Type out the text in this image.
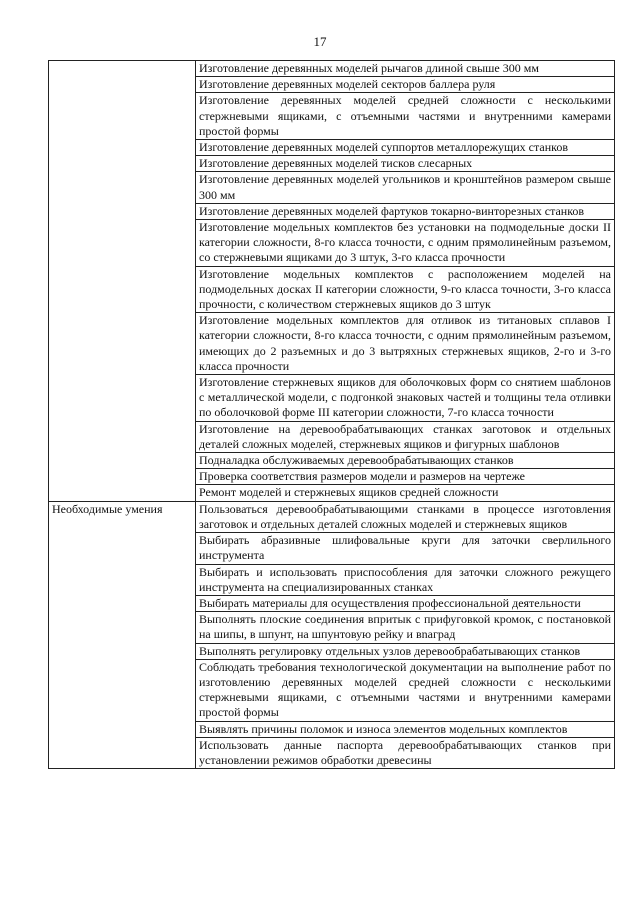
17
	Изготовление деревянных моделей рычагов длиной свыше 300 мм
	Изготовление деревянных моделей секторов баллера руля
	Изготовление деревянных моделей средней сложности с несколькими стержневыми ящиками, с отъемными частями и внутренними камерами простой формы
	Изготовление деревянных моделей суппортов металлорежущих станков
	Изготовление деревянных моделей тисков слесарных
	Изготовление деревянных моделей угольников и кронштейнов размером свыше 300 мм
	Изготовление деревянных моделей фартуков токарно-винторезных станков
	Изготовление модельных комплектов без установки на подмодельные доски II категории сложности, 8-го класса точности, с одним прямолинейным разъемом, со стержневыми ящиками до 3 штук, 3-го класса прочности
	Изготовление модельных комплектов с расположением моделей на подмодельных досках II категории сложности, 9-го класса точности, 3-го класса прочности, с количеством стержневых ящиков до 3 штук
	Изготовление модельных комплектов для отливок из титановых сплавов I категории сложности, 8-го класса точности, с одним прямолинейным разъемом, имеющих до 2 разъемных и до 3 вытряхных стержневых ящиков, 2-го и 3-го класса прочности
	Изготовление стержневых ящиков для оболочковых форм со снятием шаблонов с металлической модели, с подгонкой знаковых частей и толщины тела отливки по оболочковой форме III категории сложности, 7-го класса точности
	Изготовление на деревообрабатывающих станках заготовок и отдельных деталей сложных моделей, стержневых ящиков и фигурных шаблонов
	Подналадка обслуживаемых деревообрабатывающих станков
	Проверка соответствия размеров модели и размеров на чертеже
	Ремонт моделей и стержневых ящиков средней сложности
Необходимые умения	Пользоваться деревообрабатывающими станками в процессе изготовления заготовок и отдельных деталей сложных моделей и стержневых ящиков
	Выбирать абразивные шлифовальные круги для заточки сверлильного инструмента
	Выбирать и использовать приспособления для заточки сложного режущего инструмента на специализированных станках
	Выбирать материалы для осуществления профессиональной деятельности
	Выполнять плоские соединения впритык с прифуговкой кромок, с постановкой на шипы, в шпунт, на шпунтовую рейку и вnагрaд
	Выполнять регулировку отдельных узлов деревообрабатывающих станков
	Соблюдать требования технологической документации на выполнение работ по изготовлению деревянных моделей средней сложности с несколькими стержневыми ящиками, с отъемными частями и внутренними камерами простой формы
	Выявлять причины поломок и износа элементов модельных комплектов
	Использовать данные паспорта деревообрабатывающих станков при установлении режимов обработки древесины
